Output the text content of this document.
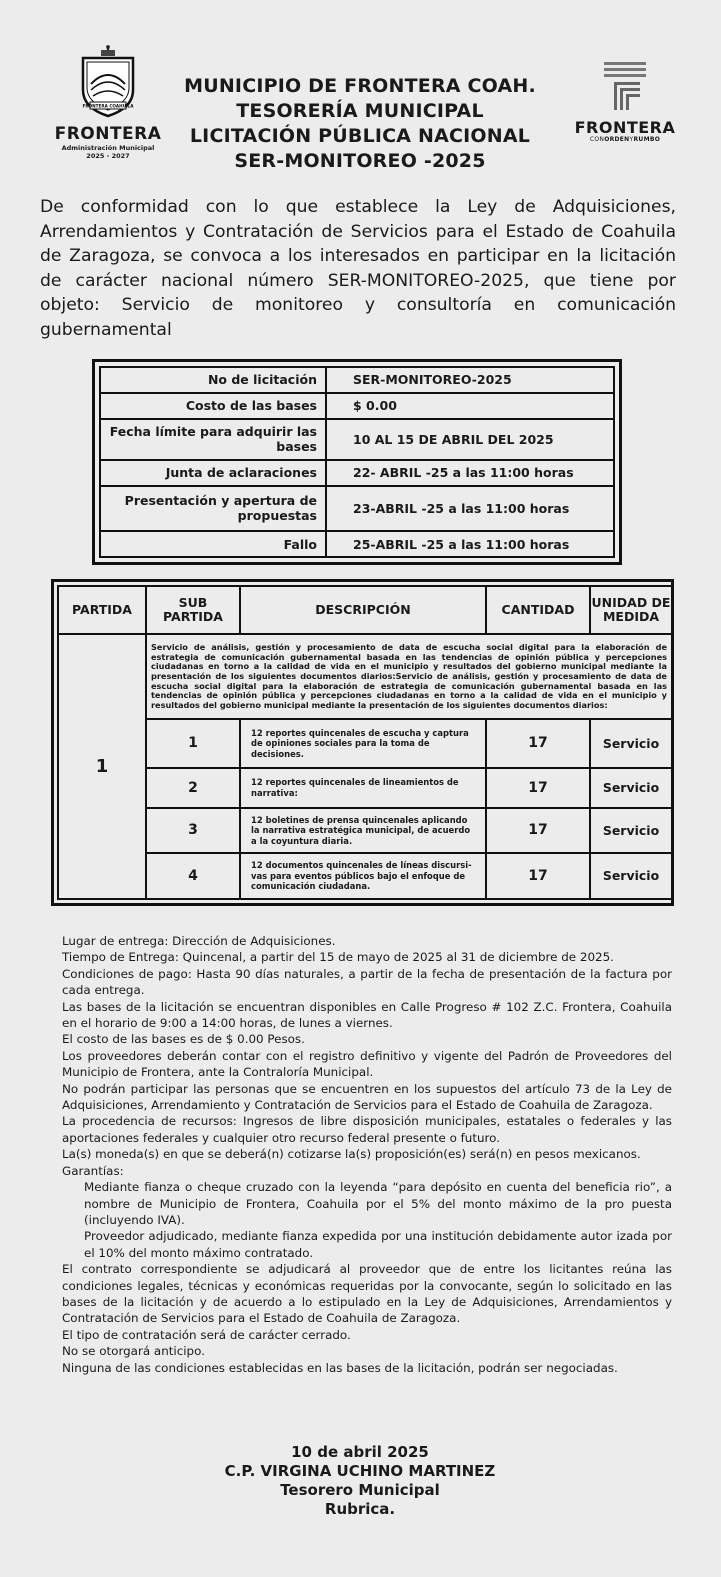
FRONTERA COAHUILA
FRONTERA
Administración Municipal
2025 - 2027
MUNICIPIO DE FRONTERA COAH.
TESORERÍA MUNICIPAL
LICITACIÓN PÚBLICA NACIONAL
SER-MONITOREO -2025
FRONTERA
CONORDENYRUMBO

De conformidad con lo que establece la Ley de Adquisiciones, Arrendamientos y Contratación de Servicios para el Estado de Coahuila de Zaragoza, se convoca a los interesados en participar en la licitación de carácter nacional número SER-MONITOREO-2025, que tiene por objeto: Servicio de monitoreo y consultoría en comunicación gubernamental

No de licitación	SER-MONITOREO-2025
Costo de las bases	$ 0.00
Fecha límite para adquirir las bases	10 AL 15 DE ABRIL DEL 2025
Junta de aclaraciones	22- ABRIL -25 a las 11:00 horas
Presentación y apertura de propuestas	23-ABRIL -25 a las 11:00 horas
Fallo	25-ABRIL -25 a las 11:00 horas
PARTIDA	SUB PARTIDA	DESCRIPCIÓN	CANTIDAD	UNIDAD DE MEDIDA
1	Servicio de análisis, gestión y procesamiento de data de escucha social digital para la elaboración de estrategia de comunicación gubernamental basada en las tendencias de opinión pública y percepciones ciudadanas en torno a la calidad de vida en el municipio y resultados del gobierno municipal mediante la presentación de los siguientes documentos diarios:Servicio de análisis, gestión y procesamiento de data de escucha social digital para la elaboración de estrategia de comunicación gubernamental basada en las tendencias de opinión pública y percepciones ciudadanas en torno a la calidad de vida en el municipio y resultados del gobierno municipal mediante la presentación de los siguientes documentos diarios:			
	1	12 reportes quincenales de escucha y captura de opiniones sociales para la toma de decisiones.	17	Servicio
	2	12 reportes quincenales de lineamientos de narrativa:	17	Servicio
	3	12 boletines de prensa quincenales aplicando la narrativa estratégica municipal, de acuerdo a la coyuntura diaria.	17	Servicio
	4	12 documentos quincenales de líneas discursi-vas para eventos públicos bajo el enfoque de comunicación ciudadana.	17	Servicio

Lugar de entrega: Dirección de Adquisiciones.

Tiempo de Entrega: Quincenal, a partir del 15 de mayo de 2025 al 31 de diciembre de 2025.

Condiciones de pago: Hasta 90 días naturales, a partir de la fecha de presentación de la factura por cada entrega.

Las bases de la licitación se encuentran disponibles en Calle Progreso # 102 Z.C. Frontera, Coahuila en el horario de 9:00 a 14:00 horas, de lunes a viernes.

El costo de las bases es de $ 0.00 Pesos.

Los proveedores deberán contar con el registro definitivo y vigente del Padrón de Proveedores del Municipio de Frontera, ante la Contraloría Municipal.

No podrán participar las personas que se encuentren en los supuestos del artículo 73 de la Ley de Adquisiciones, Arrendamiento y Contratación de Servicios para el Estado de Coahuila de Zaragoza.

La procedencia de recursos: Ingresos de libre disposición municipales, estatales o federales y las aportaciones federales y cualquier otro recurso federal presente o futuro.

La(s) moneda(s) en que se deberá(n) cotizarse la(s) proposición(es) será(n) en pesos mexicanos.

Garantías:

Mediante fianza o cheque cruzado con la leyenda “para depósito en cuenta del beneficia rio”, a nombre de Municipio de Frontera, Coahuila por el 5% del monto máximo de la pro puesta (incluyendo IVA).

Proveedor adjudicado, mediante fianza expedida por una institución debidamente autor izada por el 10% del monto máximo contratado.

El contrato correspondiente se adjudicará al proveedor que de entre los licitantes reúna las condiciones legales, técnicas y económicas requeridas por la convocante, según lo solicitado en las bases de la licitación y de acuerdo a lo estipulado en la Ley de Adquisiciones, Arrendamientos y Contratación de Servicios para el Estado de Coahuila de Zaragoza.

El tipo de contratación será de carácter cerrado.

No se otorgará anticipo.

Ninguna de las condiciones establecidas en las bases de la licitación, podrán ser negociadas.

10 de abril 2025
C.P. VIRGINA UCHINO MARTINEZ
Tesorero Municipal
Rubrica.
